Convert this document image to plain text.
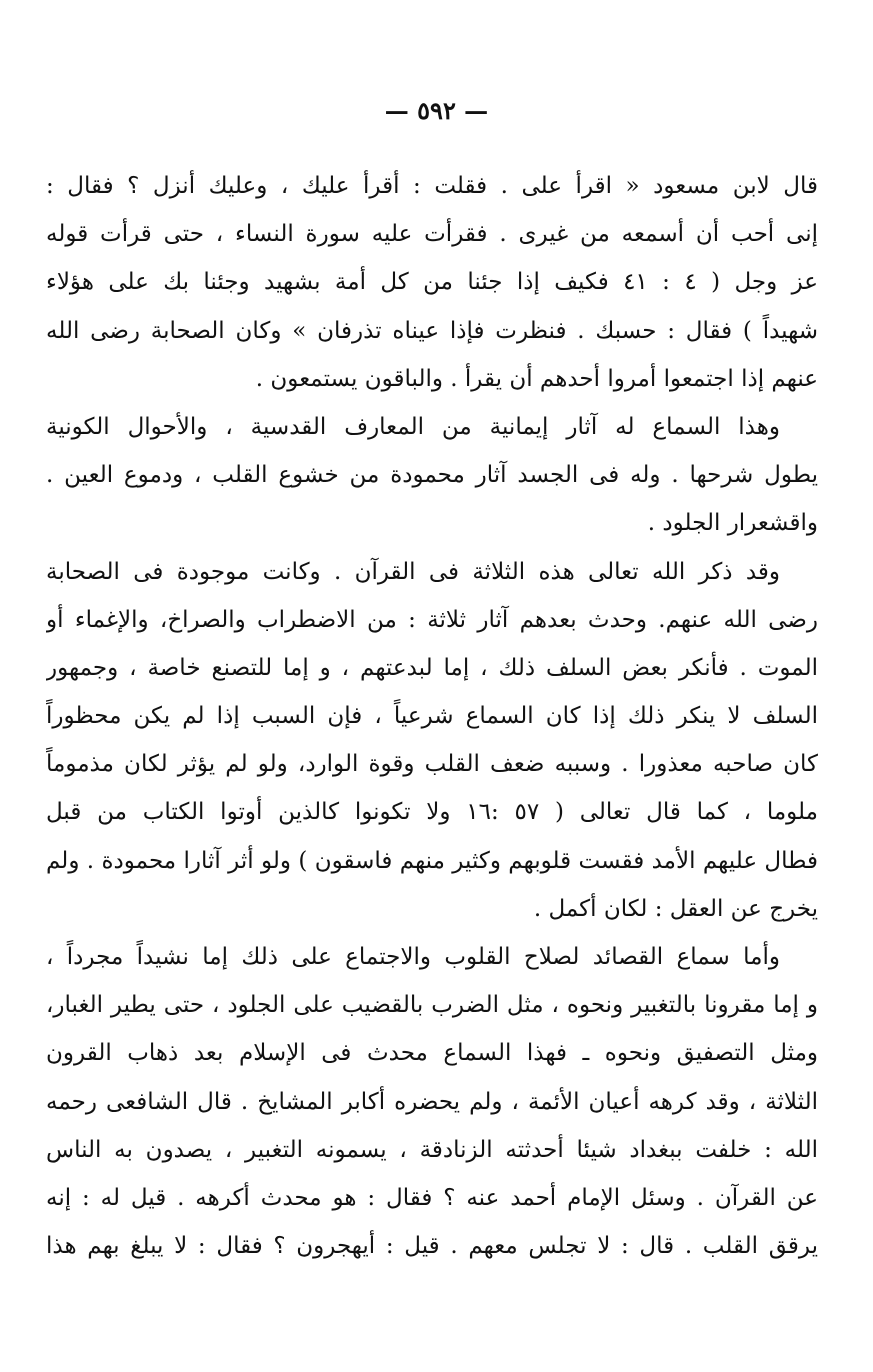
— ٥٩٢ —
قال لابن مسعود « اقرأ على . فقلت : أقرأ عليك ، وعليك أنزل ؟ فقال :
إنى أحب أن أسمعه من غيرى . فقرأت عليه سورة النساء ، حتى قرأت قوله
عز وجل ( ٤ : ٤١ فكيف إذا جئنا من كل أمة بشهيد وجئنا بك على هؤلاء
شهيداً ) فقال : حسبك . فنظرت فإذا عيناه تذرفان » وكان الصحابة رضى الله
عنهم إذا اجتمعوا أمروا أحدهم أن يقرأ . والباقون يستمعون .
وهذا السماع له آثار إيمانية من المعارف القدسية ، والأحوال الكونية
يطول شرحها . وله فى الجسد آثار محمودة من خشوع القلب ، ودموع العين .
واقشعرار الجلود .
وقد ذكر الله تعالى هذه الثلاثة فى القرآن . وكانت موجودة فى الصحابة
رضى الله عنهم. وحدث بعدهم آثار ثلاثة : من الاضطراب والصراخ، والإغماء أو
الموت . فأنكر بعض السلف ذلك ، إما لبدعتهم ، و إما للتصنع خاصة ، وجمهور
السلف لا ينكر ذلك إذا كان السماع شرعياً ، فإن السبب إذا لم يكن محظوراً
كان صاحبه معذورا . وسببه ضعف القلب وقوة الوارد، ولو لم يؤثر لكان مذموماً
ملوما ، كما قال تعالى ( ٥٧ :١٦ ولا تكونوا كالذين أوتوا الكتاب من قبل
فطال عليهم الأمد فقست قلوبهم وكثير منهم فاسقون ) ولو أثر آثارا محمودة . ولم
يخرج عن العقل : لكان أكمل .
وأما سماع القصائد لصلاح القلوب والاجتماع على ذلك إما نشيداً مجرداً ،
و إما مقرونا بالتغبير ونحوه ، مثل الضرب بالقضيب على الجلود ، حتى يطير الغبار،
ومثل التصفيق ونحوه ـ فهذا السماع محدث فى الإسلام بعد ذهاب القرون
الثلاثة ، وقد كرهه أعيان الأئمة ، ولم يحضره أكابر المشايخ . قال الشافعى رحمه
الله : خلفت ببغداد شيئا أحدثته الزنادقة ، يسمونه التغبير ، يصدون به الناس
عن القرآن . وسئل الإمام أحمد عنه ؟ فقال : هو محدث أكرهه . قيل له : إنه
يرقق القلب . قال : لا تجلس معهم . قيل : أيهجرون ؟ فقال : لا يبلغ بهم هذا
